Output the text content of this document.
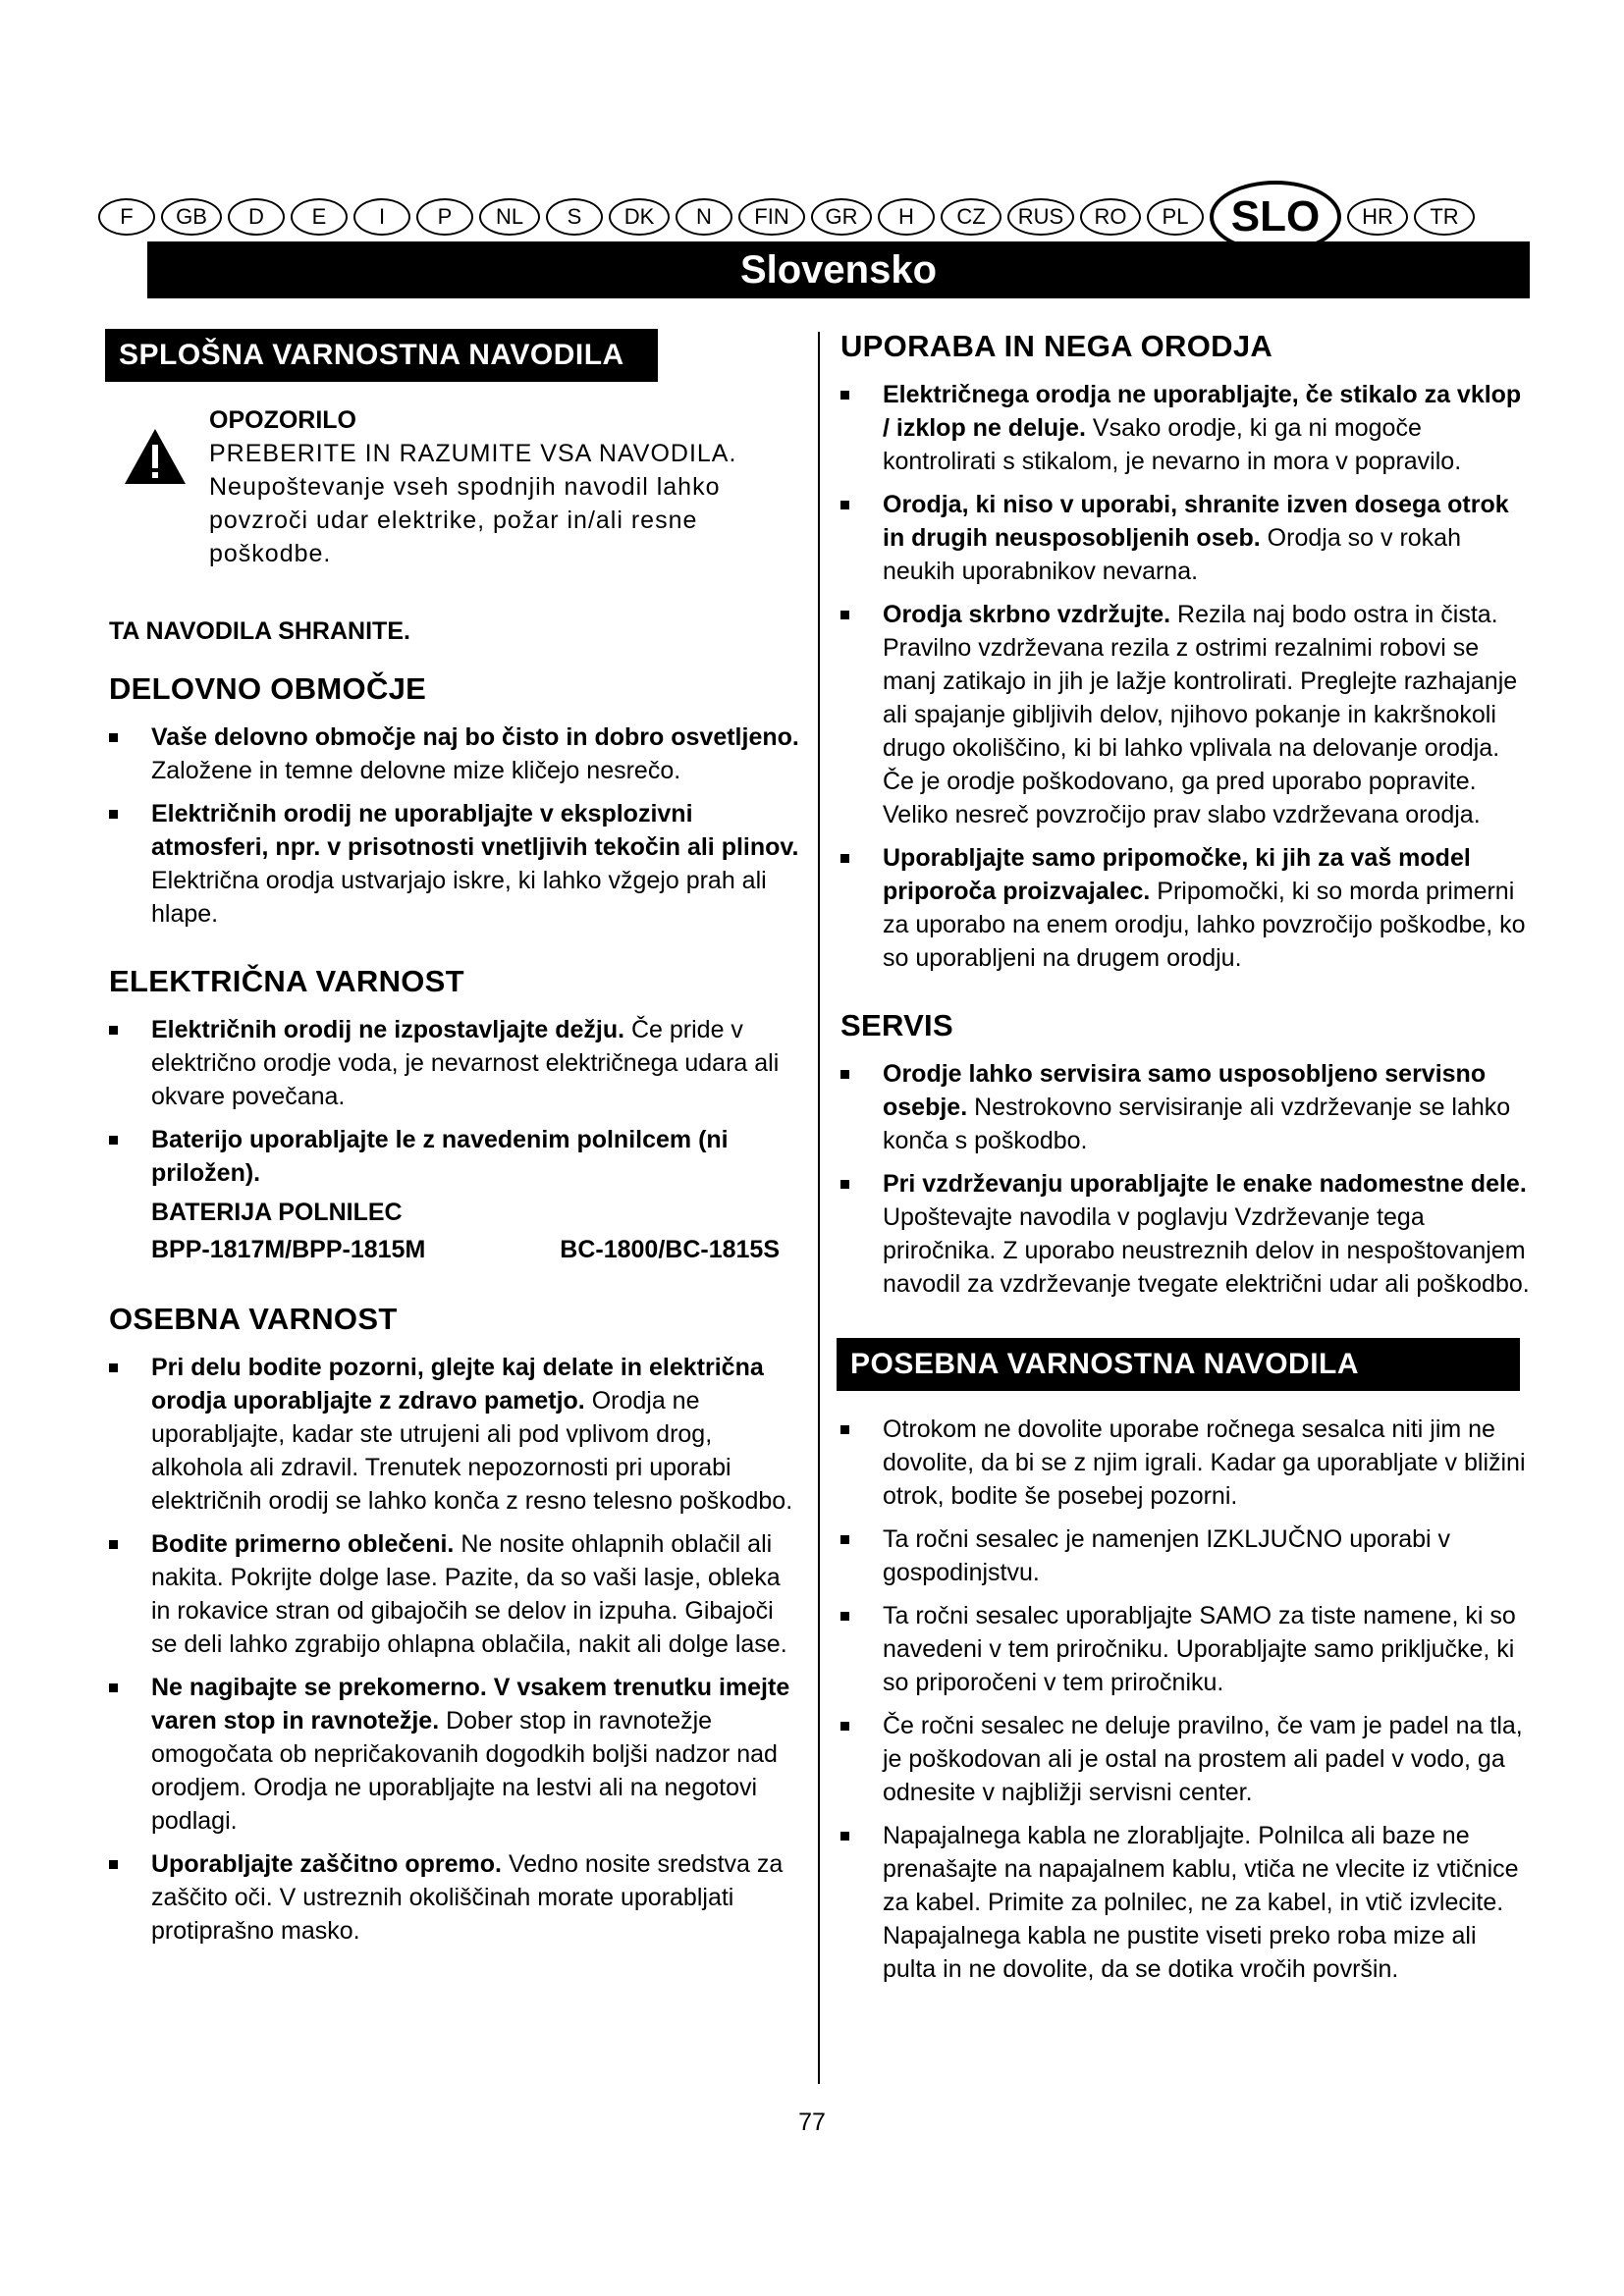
F	GB	D	E	I	P	NL	S	DK	N	FIN	GR	H	CZ	RUS	RO	PL SLO	HR	TR
Slovensko
SPLOŠNA VARNOSTNA NAVODILA
OPOZORILO
PREBERITE IN RAZUMITE VSA NAVODILA.
Neupoštevanje vseh spodnjih navodil lahko povzroči udar elektrike, požar in/ali resne poškodbe.
TA NAVODILA SHRANITE.
DELOVNO OBMOČJE
Vaše delovno območje naj bo čisto in dobro osvetljeno. Založene in temne delovne mize kličejo nesrečo.
Električnih orodij ne uporabljajte v eksplozivni atmosferi, npr. v prisotnosti vnetljivih tekočin ali plinov. Električna orodja ustvarjajo iskre, ki lahko vžgejo prah ali hlape.
ELEKTRIČNA VARNOST
Električnih orodij ne izpostavljajte dežju. Če pride v električno orodje voda, je nevarnost električnega udara ali okvare povečana.
Baterijo uporabljajte le z navedenim polnilcem (ni priložen).
BATERIJA POLNILEC
BPP-1817M/BPP-1815M	BC-1800/BC-1815S
OSEBNA VARNOST
Pri delu bodite pozorni, glejte kaj delate in električna orodja uporabljajte z zdravo pametjo. Orodja ne uporabljajte, kadar ste utrujeni ali pod vplivom drog, alkohola ali zdravil. Trenutek nepozornosti pri uporabi električnih orodij se lahko konča z resno telesno poškodbo.
Bodite primerno oblečeni. Ne nosite ohlapnih oblačil ali nakita. Pokrijte dolge lase. Pazite, da so vaši lasje, obleka in rokavice stran od gibajočih se delov in izpuha. Gibajoči se deli lahko zgrabijo ohlapna oblačila, nakit ali dolge lase.
Ne nagibajte se prekomerno. V vsakem trenutku imejte varen stop in ravnotežje. Dober stop in ravnotežje omogočata ob nepričakovanih dogodkih boljši nadzor nad orodjem. Orodja ne uporabljajte na lestvi ali na negotovi podlagi.
Uporabljajte zaščitno opremo. Vedno nosite sredstva za zaščito oči. V ustreznih okoliščinah morate uporabljati protiprašno masko.
UPORABA IN NEGA ORODJA
Električnega orodja ne uporabljajte, če stikalo za vklop / izklop ne deluje. Vsako orodje, ki ga ni mogoče kontrolirati s stikalom, je nevarno in mora v popravilo.
Orodja, ki niso v uporabi, shranite izven dosega otrok in drugih neusposobljenih oseb. Orodja so v rokah neukih uporabnikov nevarna.
Orodja skrbno vzdržujte. Rezila naj bodo ostra in čista. Pravilno vzdrževana rezila z ostrimi rezalnimi robovi se manj zatikajo in jih je lažje kontrolirati. Preglejte razhajanje ali spajanje gibljivih delov, njihovo pokanje in kakršnokoli drugo okoliščino, ki bi lahko vplivala na delovanje orodja. Če je orodje poškodovano, ga pred uporabo popravite. Veliko nesreč povzročijo prav slabo vzdrževana orodja.
Uporabljajte samo pripomočke, ki jih za vaš model priporoča proizvajalec. Pripomočki, ki so morda primerni za uporabo na enem orodju, lahko povzročijo poškodbe, ko so uporabljeni na drugem orodju.
SERVIS
Orodje lahko servisira samo usposobljeno servisno osebje. Nestrokovno servisiranje ali vzdrževanje se lahko konča s poškodbo.
Pri vzdrževanju uporabljajte le enake nadomestne dele. Upoštevajte navodila v poglavju Vzdrževanje tega priročnika. Z uporabo neustreznih delov in nespoštovanjem navodil za vzdrževanje tvegate električni udar ali poškodbo.
POSEBNA VARNOSTNA NAVODILA
Otrokom ne dovolite uporabe ročnega sesalca niti jim ne dovolite, da bi se z njim igrali. Kadar ga uporabljate v bližini otrok, bodite še posebej pozorni.
Ta ročni sesalec je namenjen IZKLJUČNO uporabi v gospodinjstvu.
Ta ročni sesalec uporabljajte SAMO za tiste namene, ki so navedeni v tem priročniku. Uporabljajte samo priključke, ki so priporočeni v tem priročniku.
Če ročni sesalec ne deluje pravilno, če vam je padel na tla, je poškodovan ali je ostal na prostem ali padel v vodo, ga odnesite v najbližji servisni center.
Napajalnega kabla ne zlorabljajte. Polnilca ali baze ne prenašajte na napajalnem kablu, vtiča ne vlecite iz vtičnice za kabel. Primite za polnilec, ne za kabel, in vtič izvlecite. Napajalnega kabla ne pustite viseti preko roba mize ali pulta in ne dovolite, da se dotika vročih površin.
77
